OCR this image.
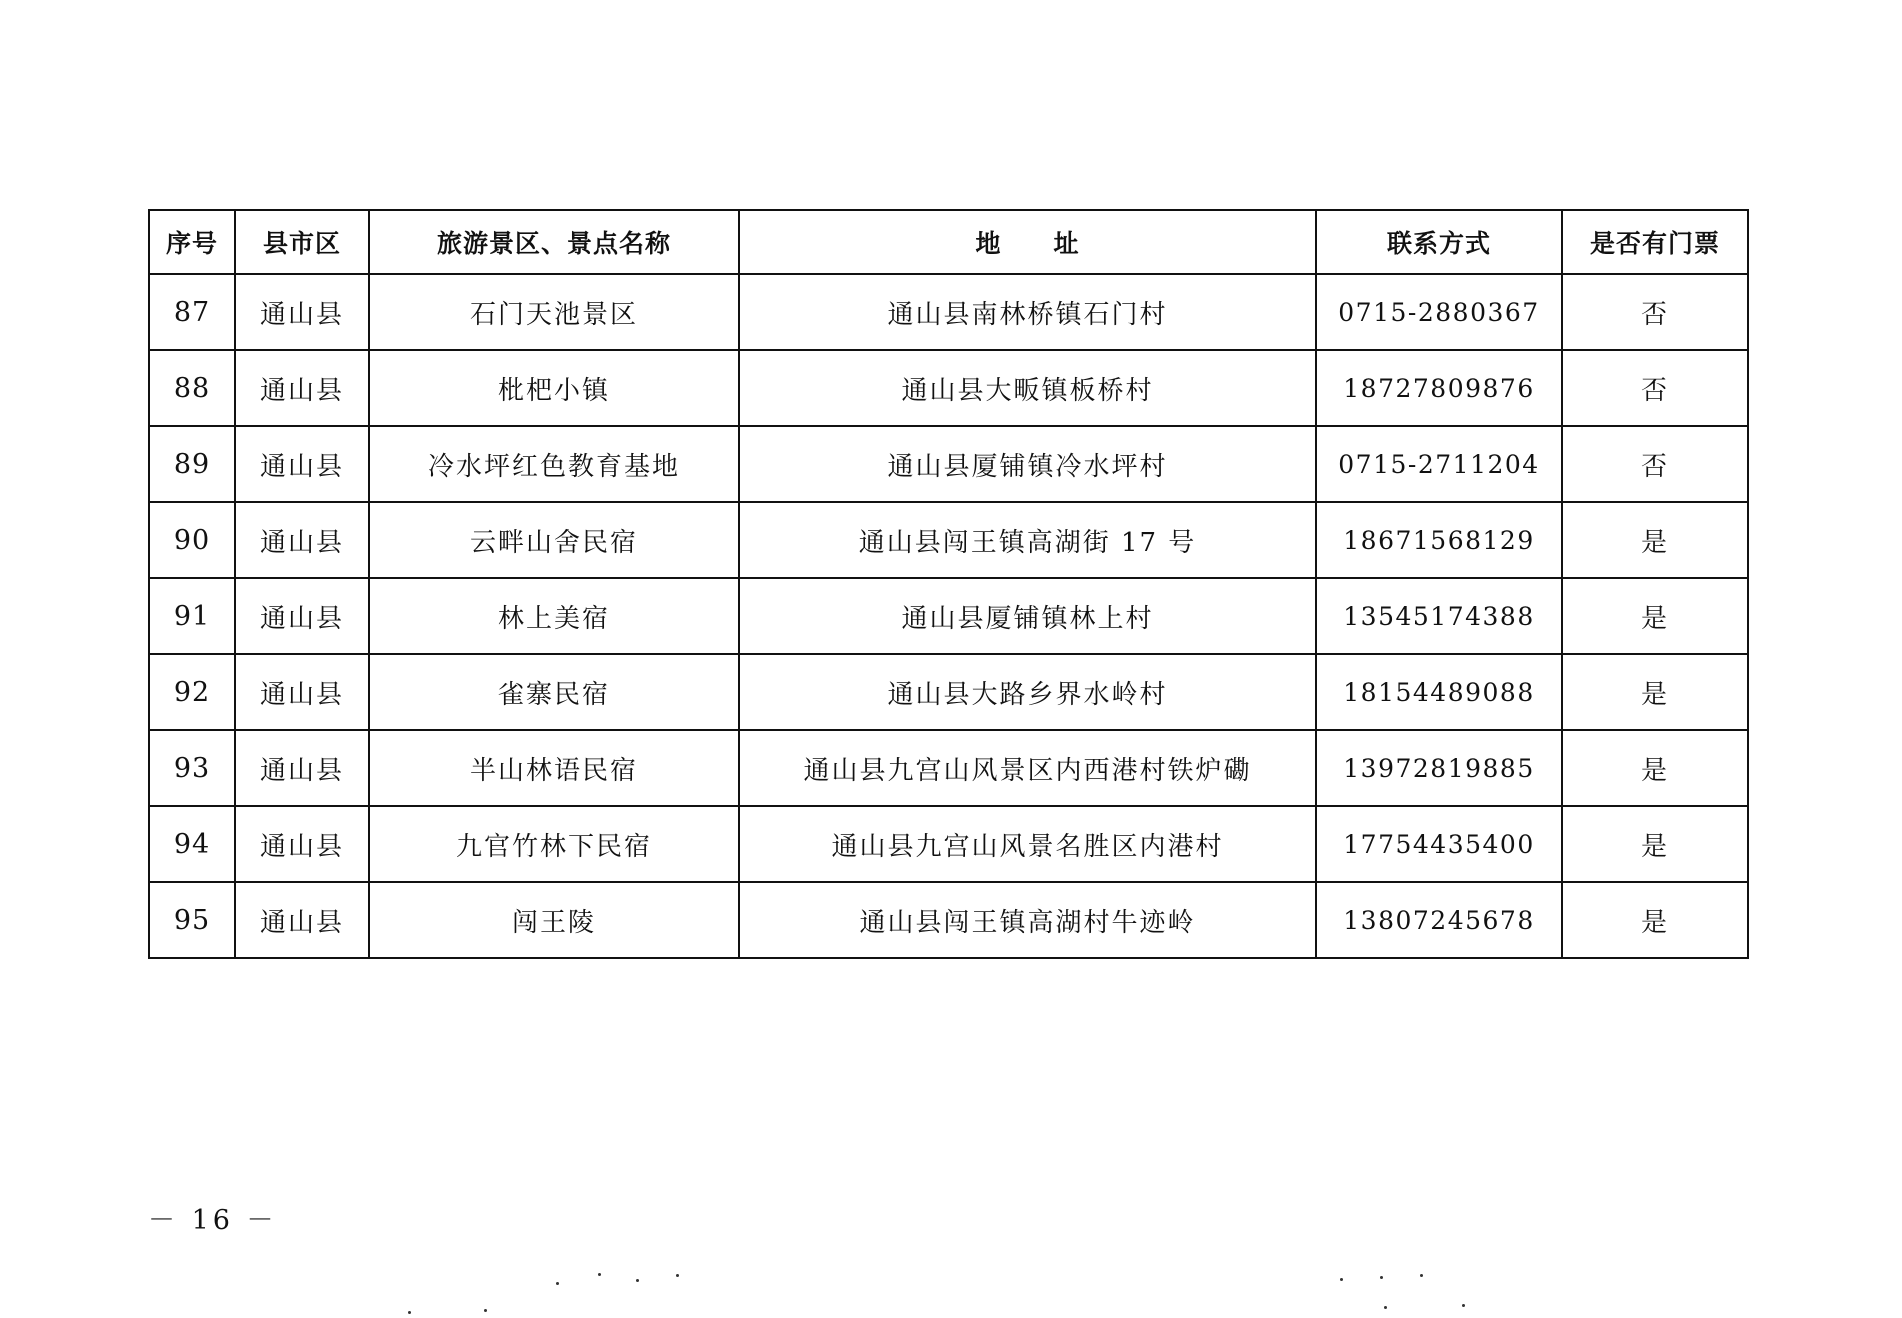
序号	县市区	旅游景区、景点名称	地　　址	联系方式	是否有门票
87	通山县	石门天池景区	通山县南林桥镇石门村	0715-2880367	否
88	通山县	枇杷小镇	通山县大畈镇板桥村	18727809876	否
89	通山县	冷水坪红色教育基地	通山县厦铺镇冷水坪村	0715-2711204	否
90	通山县	云畔山舍民宿	通山县闯王镇高湖街 17 号	18671568129	是
91	通山县	林上美宿	通山县厦铺镇林上村	13545174388	是
92	通山县	雀寨民宿	通山县大路乡界水岭村	18154489088	是
93	通山县	半山林语民宿	通山县九宫山风景区内西港村铁炉磡	13972819885	是
94	通山县	九官竹林下民宿	通山县九宫山风景名胜区内港村	17754435400	是
95	通山县	闯王陵	通山县闯王镇高湖村牛迹岭	13807245678	是
－ 16 －
